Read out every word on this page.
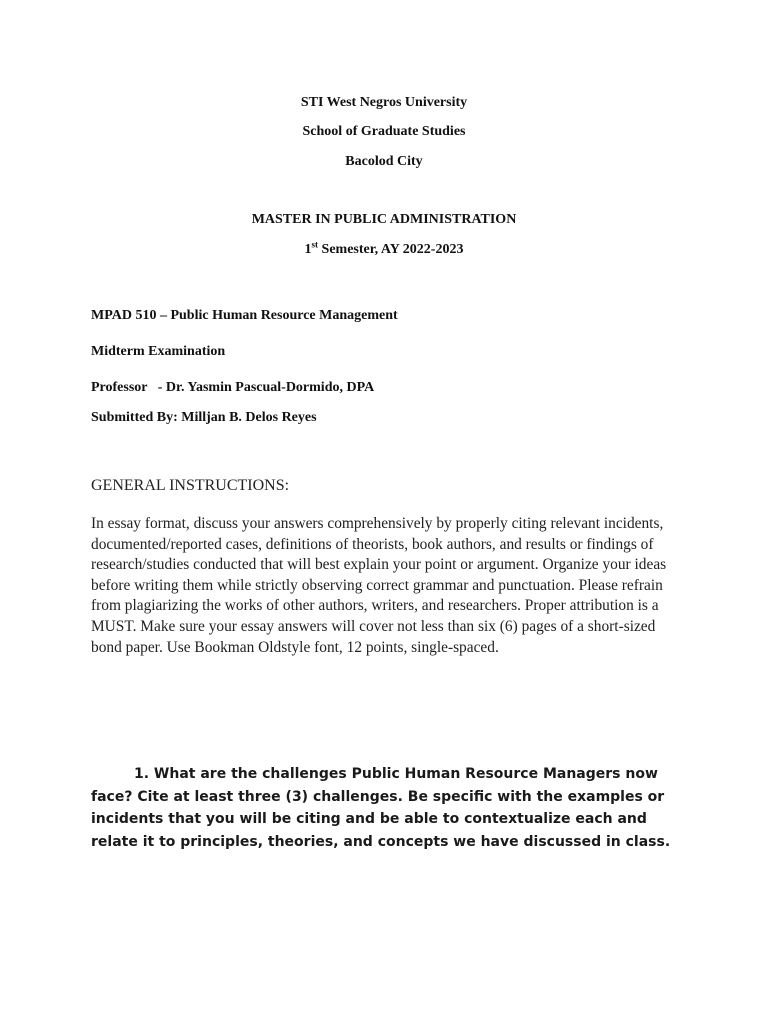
STI West Negros University
School of Graduate Studies
Bacolod City
MASTER IN PUBLIC ADMINISTRATION
1st Semester, AY 2022-2023
MPAD 510 – Public Human Resource Management
Midterm Examination
Professor   - Dr. Yasmin Pascual-Dormido, DPA
Submitted By: Milljan B. Delos Reyes
GENERAL INSTRUCTIONS:

In essay format, discuss your answers comprehensively by properly citing relevant incidents, documented/reported cases, definitions of theorists, book authors, and results or findings of research/studies conducted that will best explain your point or argument. Organize your ideas before writing them while strictly observing correct grammar and punctuation. Please refrain from plagiarizing the works of other authors, writers, and researchers. Proper attribution is a MUST. Make sure your essay answers will cover not less than six (6) pages of a short-sized bond paper. Use Bookman Oldstyle font, 12 points, single-spaced.

1. What are the challenges Public Human Resource Managers now face? Cite at least three (3) challenges. Be specific with the examples or incidents that you will be citing and be able to contextualize each and relate it to principles, theories, and concepts we have discussed in class.
